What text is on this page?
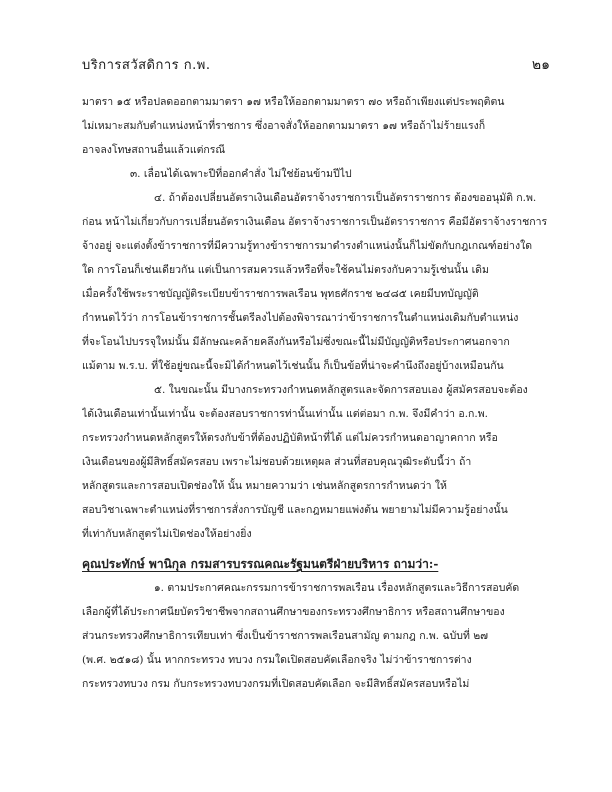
บริการสวัสดิการ ก.พ.	๒๑
มาตรา ๑๕ หรือปลดออกตามมาตรา ๑๗ หรือให้ออกตามมาตรา ๗๐ หรือถ้าเพียงแต่ประพฤติตน
ไม่เหมาะสมกับตำแหน่งหน้าที่ราชการ ซึ่งอาจสั่งให้ออกตามมาตรา ๑๗ หรือถ้าไม่ร้ายแรงก็
อาจลงโทษสถานอื่นแล้วแต่กรณี
๓. เลื่อนได้เฉพาะปีที่ออกคำสั่ง ไม่ใช่ย้อนข้ามปีไป
๔. ถ้าต้องเปลี่ยนอัตราเงินเดือนอัตราจ้างราชการเป็นอัตราราชการ ต้องขออนุมัติ ก.พ.
ก่อน หน้าไม่เกี่ยวกับการเปลี่ยนอัตราเงินเดือน อัตราจ้างราชการเป็นอัตราราชการ คือมีอัตราจ้างราชการ
จ้างอยู่ จะแต่งตั้งข้าราชการที่มีความรู้ทางข้าราชการมาดำรงตำแหน่งนั้นก็ไม่ขัดกับกฎเกณฑ์อย่างใด
ใด การโอนก็เช่นเดียวกัน แต่เป็นการสมควรแล้วหรือที่จะใช้คนไม่ตรงกับความรู้เช่นนั้น เดิม
เมื่อครั้งใช้พระราชบัญญัติระเบียบข้าราชการพลเรือน พุทธศักราช ๒๔๘๕ เคยมีบทบัญญัติ
กำหนดไว้ว่า การโอนข้าราชการชั้นตรีลงไปต้องพิจารณาว่าข้าราชการในตำแหน่งเดิมกับตำแหน่ง
ที่จะโอนไปบรรจุใหม่นั้น มีลักษณะคล้ายคลึงกันหรือไม่ซึ่งขณะนี้ไม่มีบัญญัติหรือประกาศนอกจาก
แม้ตาม พ.ร.บ. ที่ใช้อยู่ขณะนี้จะมิได้กำหนดไว้เช่นนั้น ก็เป็นข้อที่น่าจะคำนึงถึงอยู่บ้างเหมือนกัน
๕. ในขณะนั้น มีบางกระทรวงกำหนดหลักสูตรและจัดการสอบเอง ผู้สมัครสอบจะต้อง
ได้เงินเดือนเท่านั้นเท่านั้น จะต้องสอบราชการท่านั้นเท่านั้น แต่ต่อมา ก.พ. จึงมีคำว่า อ.ก.พ.
กระทรวงกำหนดหลักสูตรให้ตรงกับข้าที่ต้องปฏิบัติหน้าที่ได้ แต่ไม่ควรกำหนดอาญาคกาก หรือ
เงินเดือนของผู้มีสิทธิ์สมัครสอบ เพราะไม่ชอบด้วยเหตุผล ส่วนที่สอบคุณวุฒิระดับนี้ว่า ถ้า
หลักสูตรและการสอบเปิดช่องให้ นั้น หมายความว่า เช่นหลักสูตรการกำหนดว่า ให้
สอบวิชาเฉพาะตำแหน่งที่ราชการสั่งการบัญชี และกฎหมายแพ่งต้น พยายามไม่มีความรู้อย่างนั้น
ที่เท่ากับหลักสูตรไม่เปิดช่องให้อย่างยิ่ง
คุณประทักษ์ พานิกุล กรมสารบรรณคณะรัฐมนตรีฝ่ายบริหาร ถามว่า:-
๑. ตามประกาศคณะกรรมการข้าราชการพลเรือน เรื่องหลักสูตรและวิธีการสอบคัด
เลือกผู้ที่ได้ประกาศนียบัตรวิชาชีพจากสถานศึกษาของกระทรวงศึกษาธิการ หรือสถานศึกษาของ
ส่วนกระทรวงศึกษาธิการเทียบเท่า ซึ่งเป็นข้าราชการพลเรือนสามัญ ตามกฎ ก.พ. ฉบับที่ ๒๗
(พ.ศ. ๒๕๑๘) นั้น หากกระทรวง ทบวง กรมใดเปิดสอบคัดเลือกจริง ไม่ว่าข้าราชการต่าง
กระทรวงทบวง กรม กับกระทรวงทบวงกรมที่เปิดสอบคัดเลือก จะมีสิทธิ์สมัครสอบหรือไม่
